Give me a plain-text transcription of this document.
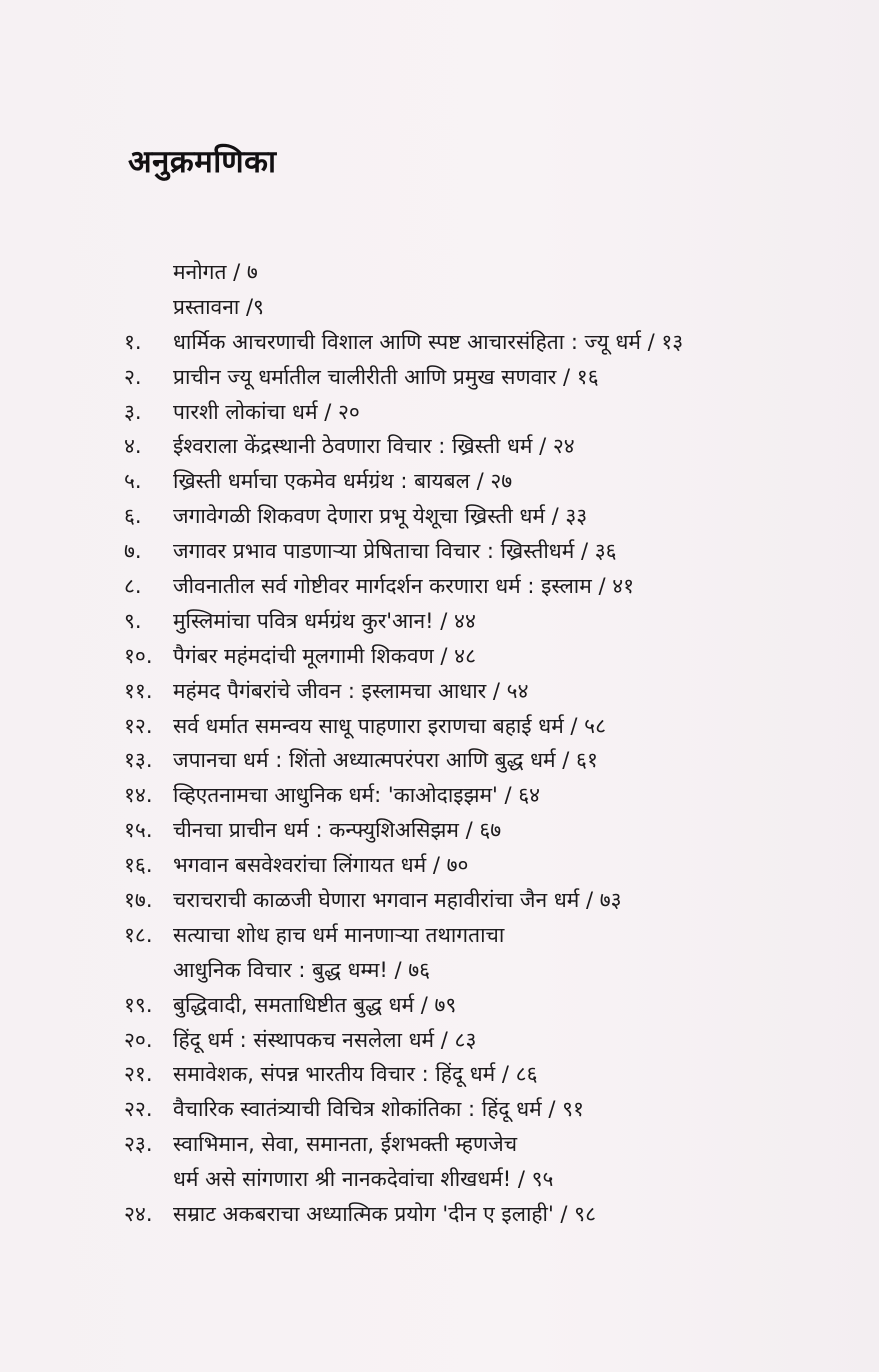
अनुक्रमणिका
मनोगत / ७
प्रस्तावना /९
१.	धार्मिक आचरणाची विशाल आणि स्पष्ट आचारसंहिता : ज्यू धर्म / १३
२.	प्राचीन ज्यू धर्मातील चालीरीती आणि प्रमुख सणवार / १६
३.	पारशी लोकांचा धर्म / २०
४.	ईश्वराला केंद्रस्थानी ठेवणारा विचार : ख्रिस्ती धर्म / २४
५.	ख्रिस्ती धर्माचा एकमेव धर्मग्रंथ : बायबल / २७
६.	जगावेगळी शिकवण देणारा प्रभू येशूचा ख्रिस्ती धर्म / ३३
७.	जगावर प्रभाव पाडणाऱ्या प्रेषिताचा विचार : ख्रिस्तीधर्म / ३६
८.	जीवनातील सर्व गोष्टीवर मार्गदर्शन करणारा धर्म : इस्लाम / ४१
९.	मुस्लिमांचा पवित्र धर्मग्रंथ कुर'आन! / ४४
१०. पैगंबर महंमदांची मूलगामी शिकवण / ४८
११. महंमद पैगंबरांचे जीवन : इस्लामचा आधार / ५४
१२. सर्व धर्मात समन्वय साधू पाहणारा इराणचा बहाई धर्म / ५८
१३. जपानचा धर्म : शिंतो अध्यात्मपरंपरा आणि बुद्ध धर्म / ६१
१४. व्हिएतनामचा आधुनिक धर्म: 'काओदाइझम' / ६४
१५. चीनचा प्राचीन धर्म : कन्फ्युशिअसिझम / ६७
१६. भगवान बसवेश्वरांचा लिंगायत धर्म / ७०
१७. चराचराची काळजी घेणारा भगवान महावीरांचा जैन धर्म / ७३
१८. सत्याचा शोध हाच धर्म मानणाऱ्या तथागताचा
आधुनिक विचार : बुद्ध धम्म! / ७६
१९. बुद्धिवादी, समताधिष्टीत बुद्ध धर्म / ७९
२०. हिंदू धर्म : संस्थापकच नसलेला धर्म / ८३
२१. समावेशक, संपन्न भारतीय विचार : हिंदू धर्म / ८६
२२. वैचारिक स्वातंत्र्याची विचित्र शोकांतिका : हिंदू धर्म / ९१
२३. स्वाभिमान, सेवा, समानता, ईशभक्ती म्हणजेच
धर्म असे सांगणारा श्री नानकदेवांचा शीखधर्म! / ९५
२४. सम्राट अकबराचा अध्यात्मिक प्रयोग 'दीन ए इलाही' / ९८
